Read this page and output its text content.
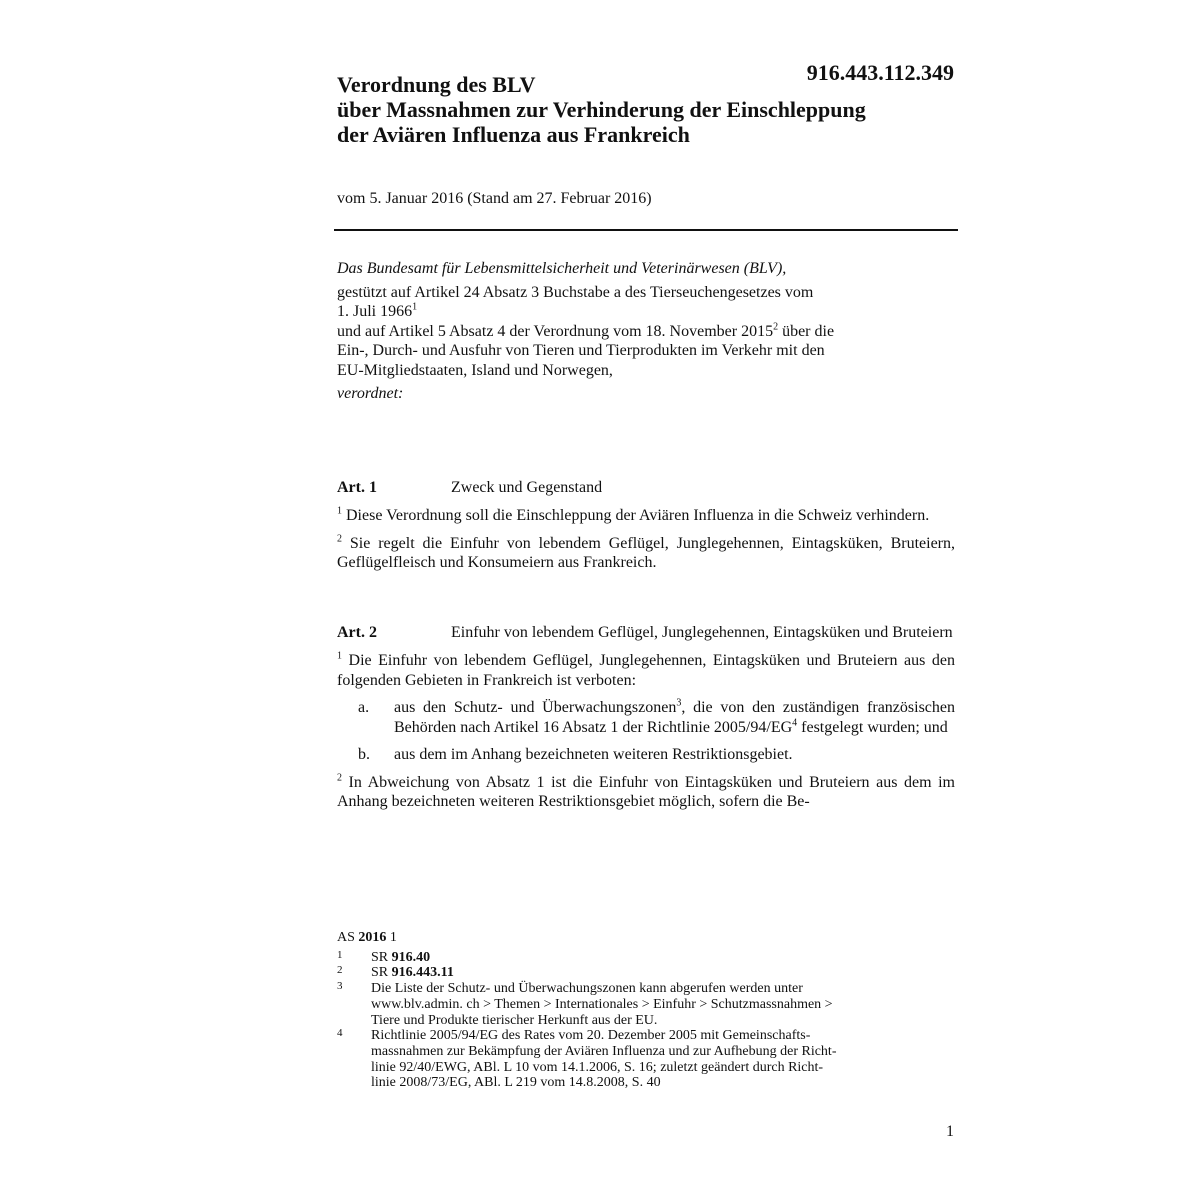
916.443.112.349
Verordnung des BLV
über Massnahmen zur Verhinderung der Einschleppung
der Aviären Influenza aus Frankreich
vom 5. Januar 2016 (Stand am 27. Februar 2016)
Das Bundesamt für Lebensmittelsicherheit und Veterinärwesen (BLV),
gestützt auf Artikel 24 Absatz 3 Buchstabe a des Tierseuchengesetzes vom
1. Juli 1966$^1$
und auf Artikel 5 Absatz 4 der Verordnung vom 18. November 2015$^2$ über die
Ein-, Durch- und Ausfuhr von Tieren und Tierprodukten im Verkehr mit den
EU-Mitgliedstaaten, Island und Norwegen,
verordnet:
Art. 1	Zweck und Gegenstand
$^1$ Diese Verordnung soll die Einschleppung der Aviären Influenza in die Schweiz verhindern.
$^2$ Sie regelt die Einfuhr von lebendem Geflügel, Junglegehennen, Eintagsküken, Bruteiern, Geflügelfleisch und Konsumeiern aus Frankreich.
Art. 2	Einfuhr von lebendem Geflügel, Junglegehennen, Eintagsküken und Bruteiern
$^1$ Die Einfuhr von lebendem Geflügel, Junglegehennen, Eintagsküken und Bruteiern aus den folgenden Gebieten in Frankreich ist verboten:
a. aus den Schutz- und Überwachungszonen$^3$, die von den zuständigen französischen Behörden nach Artikel 16 Absatz 1 der Richtlinie $2005/94/EG^4$ festgelegt wurden; und
b. aus dem im Anhang bezeichneten weiteren Restriktionsgebiet.
$^2$ In Abweichung von Absatz 1 ist die Einfuhr von Eintagsküken und Bruteiern aus dem im Anhang bezeichneten weiteren Restriktionsgebiet möglich, sofern die Be-
AS 2016 1
1 SR 916.40
2 SR 916.443.11
3 Die Liste der Schutz- und Überwachungszonen kann abgerufen werden unter
www.blv.admin. ch > Themen > Internationales > Einfuhr > Schutzmassnahmen >
Tiere und Produkte tierischer Herkunft aus der EU.
4 Richtlinie 2005/94/EG des Rates vom 20. Dezember 2005 mit Gemeinschafts-
massnahmen zur Bekämpfung der Aviären Influenza und zur Aufhebung der Richt-
linie 92/40/EWG, ABl. L 10 vom 14.1.2006, S. 16; zuletzt geändert durch Richt-
linie 2008/73/EG, ABl. L 219 vom 14.8.2008, S. 40
1
